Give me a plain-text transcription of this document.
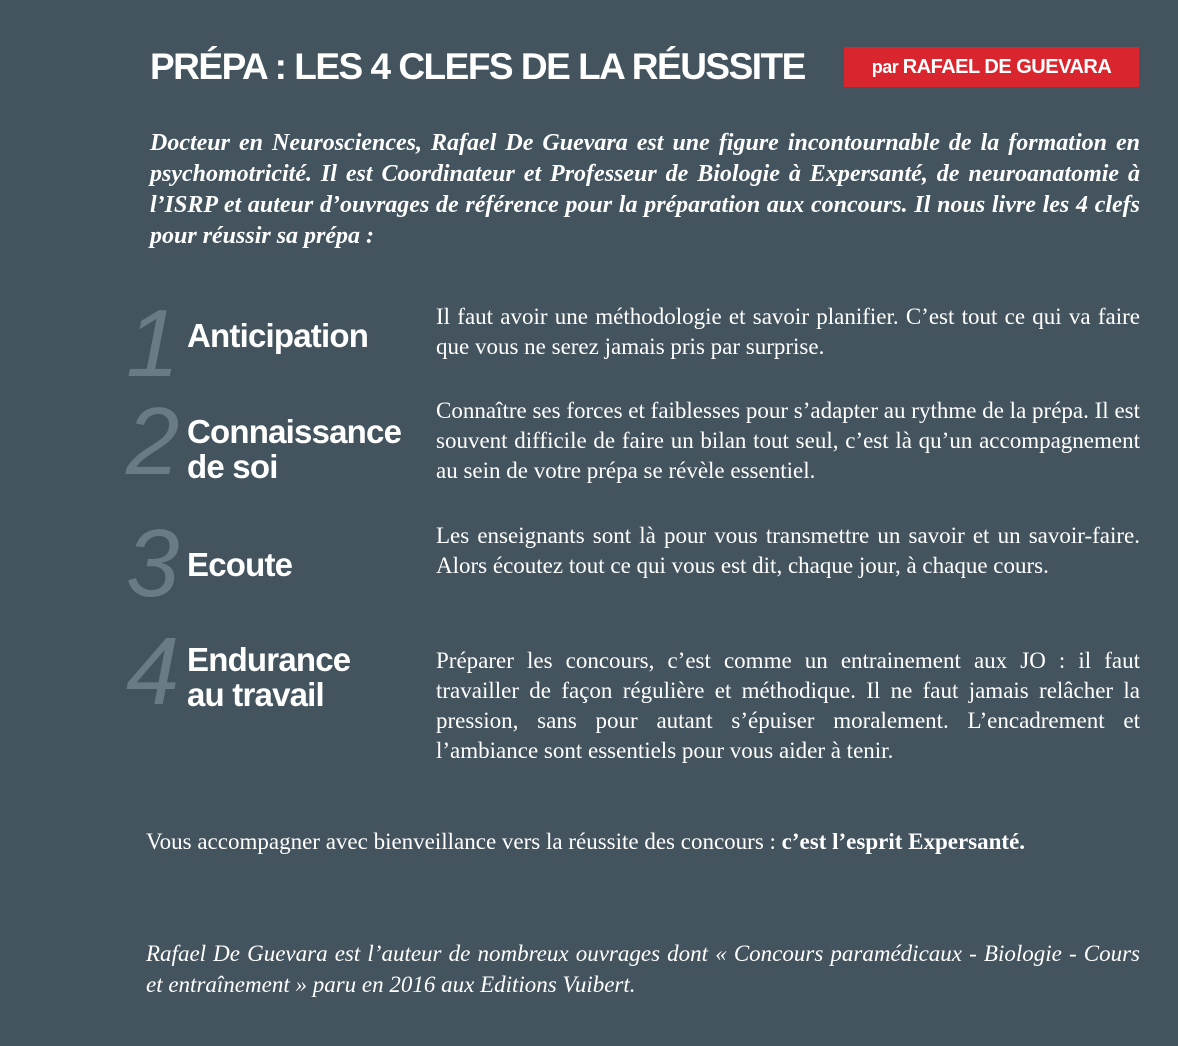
PRÉPA : LES 4 CLEFS DE LA RÉUSSITE	par RAFAEL DE GUEVARA
Docteur en Neurosciences, Rafael De Guevara est une figure incontournable de la formation en psychomotricité. Il est Coordinateur et Professeur de Biologie à Expersanté, de neuroanatomie à l’ISRP et auteur d’ouvrages de référence pour la préparation aux concours. Il nous livre les 4 clefs pour réussir sa prépa :
1 Anticipation
Il faut avoir une méthodologie et savoir planifier. C’est tout ce qui va faire que vous ne serez jamais pris par surprise.
2 Connaissance
de soi
Connaître ses forces et faiblesses pour s’adapter au rythme de la prépa. Il est souvent difficile de faire un bilan tout seul, c’est là qu’un accompagnement au sein de votre prépa se révèle essentiel.
3 Ecoute
Les enseignants sont là pour vous transmettre un savoir et un savoir-faire. Alors écoutez tout ce qui vous est dit, chaque jour, à chaque cours.
4 Endurance
au travail
Préparer les concours, c’est comme un entrainement aux JO : il faut travailler de façon régulière et méthodique. Il ne faut jamais relâcher la pression, sans pour autant s’épuiser moralement. L’encadrement et l’ambiance sont essentiels pour vous aider à tenir.
Vous accompagner avec bienveillance vers la réussite des concours : c’est l’esprit Expersanté.
Rafael De Guevara est l’auteur de nombreux ouvrages dont « Concours paramédicaux - Biologie - Cours et entraînement » paru en 2016 aux Editions Vuibert.
